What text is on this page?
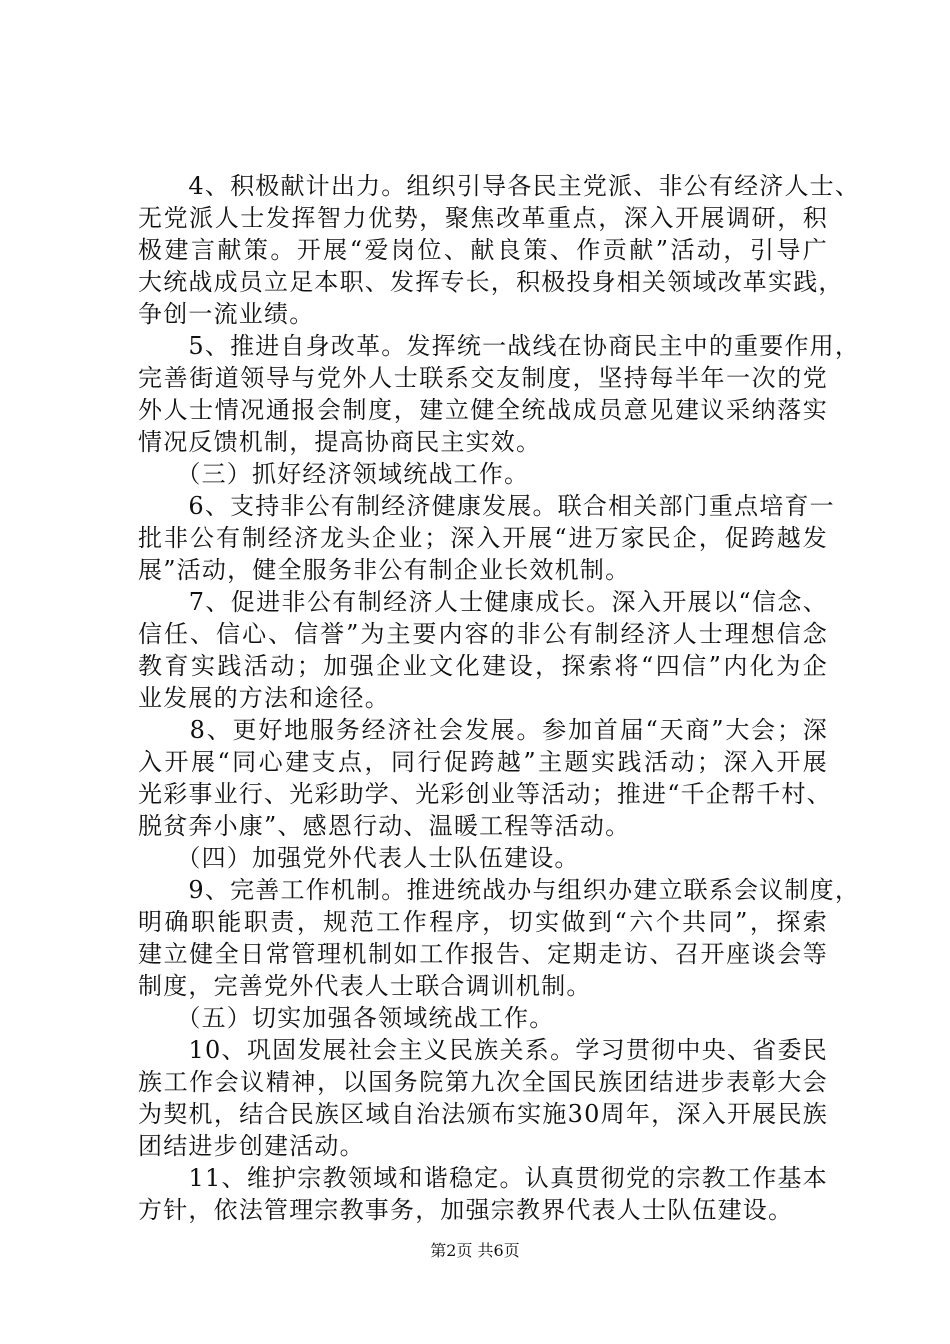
　　4、积极献计出力。组织引导各民主党派、非公有经济人士、
无党派人士发挥智力优势，聚焦改革重点，深入开展调研，积
极建言献策。开展“爱岗位、献良策、作贡献”活动，引导广
大统战成员立足本职、发挥专长，积极投身相关领域改革实践，
争创一流业绩。
　　5、推进自身改革。发挥统一战线在协商民主中的重要作用，
完善街道领导与党外人士联系交友制度，坚持每半年一次的党
外人士情况通报会制度，建立健全统战成员意见建议采纳落实
情况反馈机制，提高协商民主实效。
　　（三）抓好经济领域统战工作。
　　6、支持非公有制经济健康发展。联合相关部门重点培育一
批非公有制经济龙头企业；深入开展“进万家民企，促跨越发
展”活动，健全服务非公有制企业长效机制。
　　7、促进非公有制经济人士健康成长。深入开展以“信念、
信任、信心、信誉”为主要内容的非公有制经济人士理想信念
教育实践活动；加强企业文化建设，探索将“四信”内化为企
业发展的方法和途径。
　　8、更好地服务经济社会发展。参加首届“天商”大会；深
入开展“同心建支点，同行促跨越”主题实践活动；深入开展
光彩事业行、光彩助学、光彩创业等活动；推进“千企帮千村、
脱贫奔小康”、感恩行动、温暖工程等活动。
　　（四）加强党外代表人士队伍建设。
　　9、完善工作机制。推进统战办与组织办建立联系会议制度，
明确职能职责，规范工作程序，切实做到“六个共同”，探索
建立健全日常管理机制如工作报告、定期走访、召开座谈会等
制度，完善党外代表人士联合调训机制。
　　（五）切实加强各领域统战工作。
　　10、巩固发展社会主义民族关系。学习贯彻中央、省委民
族工作会议精神，以国务院第九次全国民族团结进步表彰大会
为契机，结合民族区域自治法颁布实施30周年，深入开展民族
团结进步创建活动。
　　11、维护宗教领域和谐稳定。认真贯彻党的宗教工作基本
方针，依法管理宗教事务，加强宗教界代表人士队伍建设。
第2页 共6页
